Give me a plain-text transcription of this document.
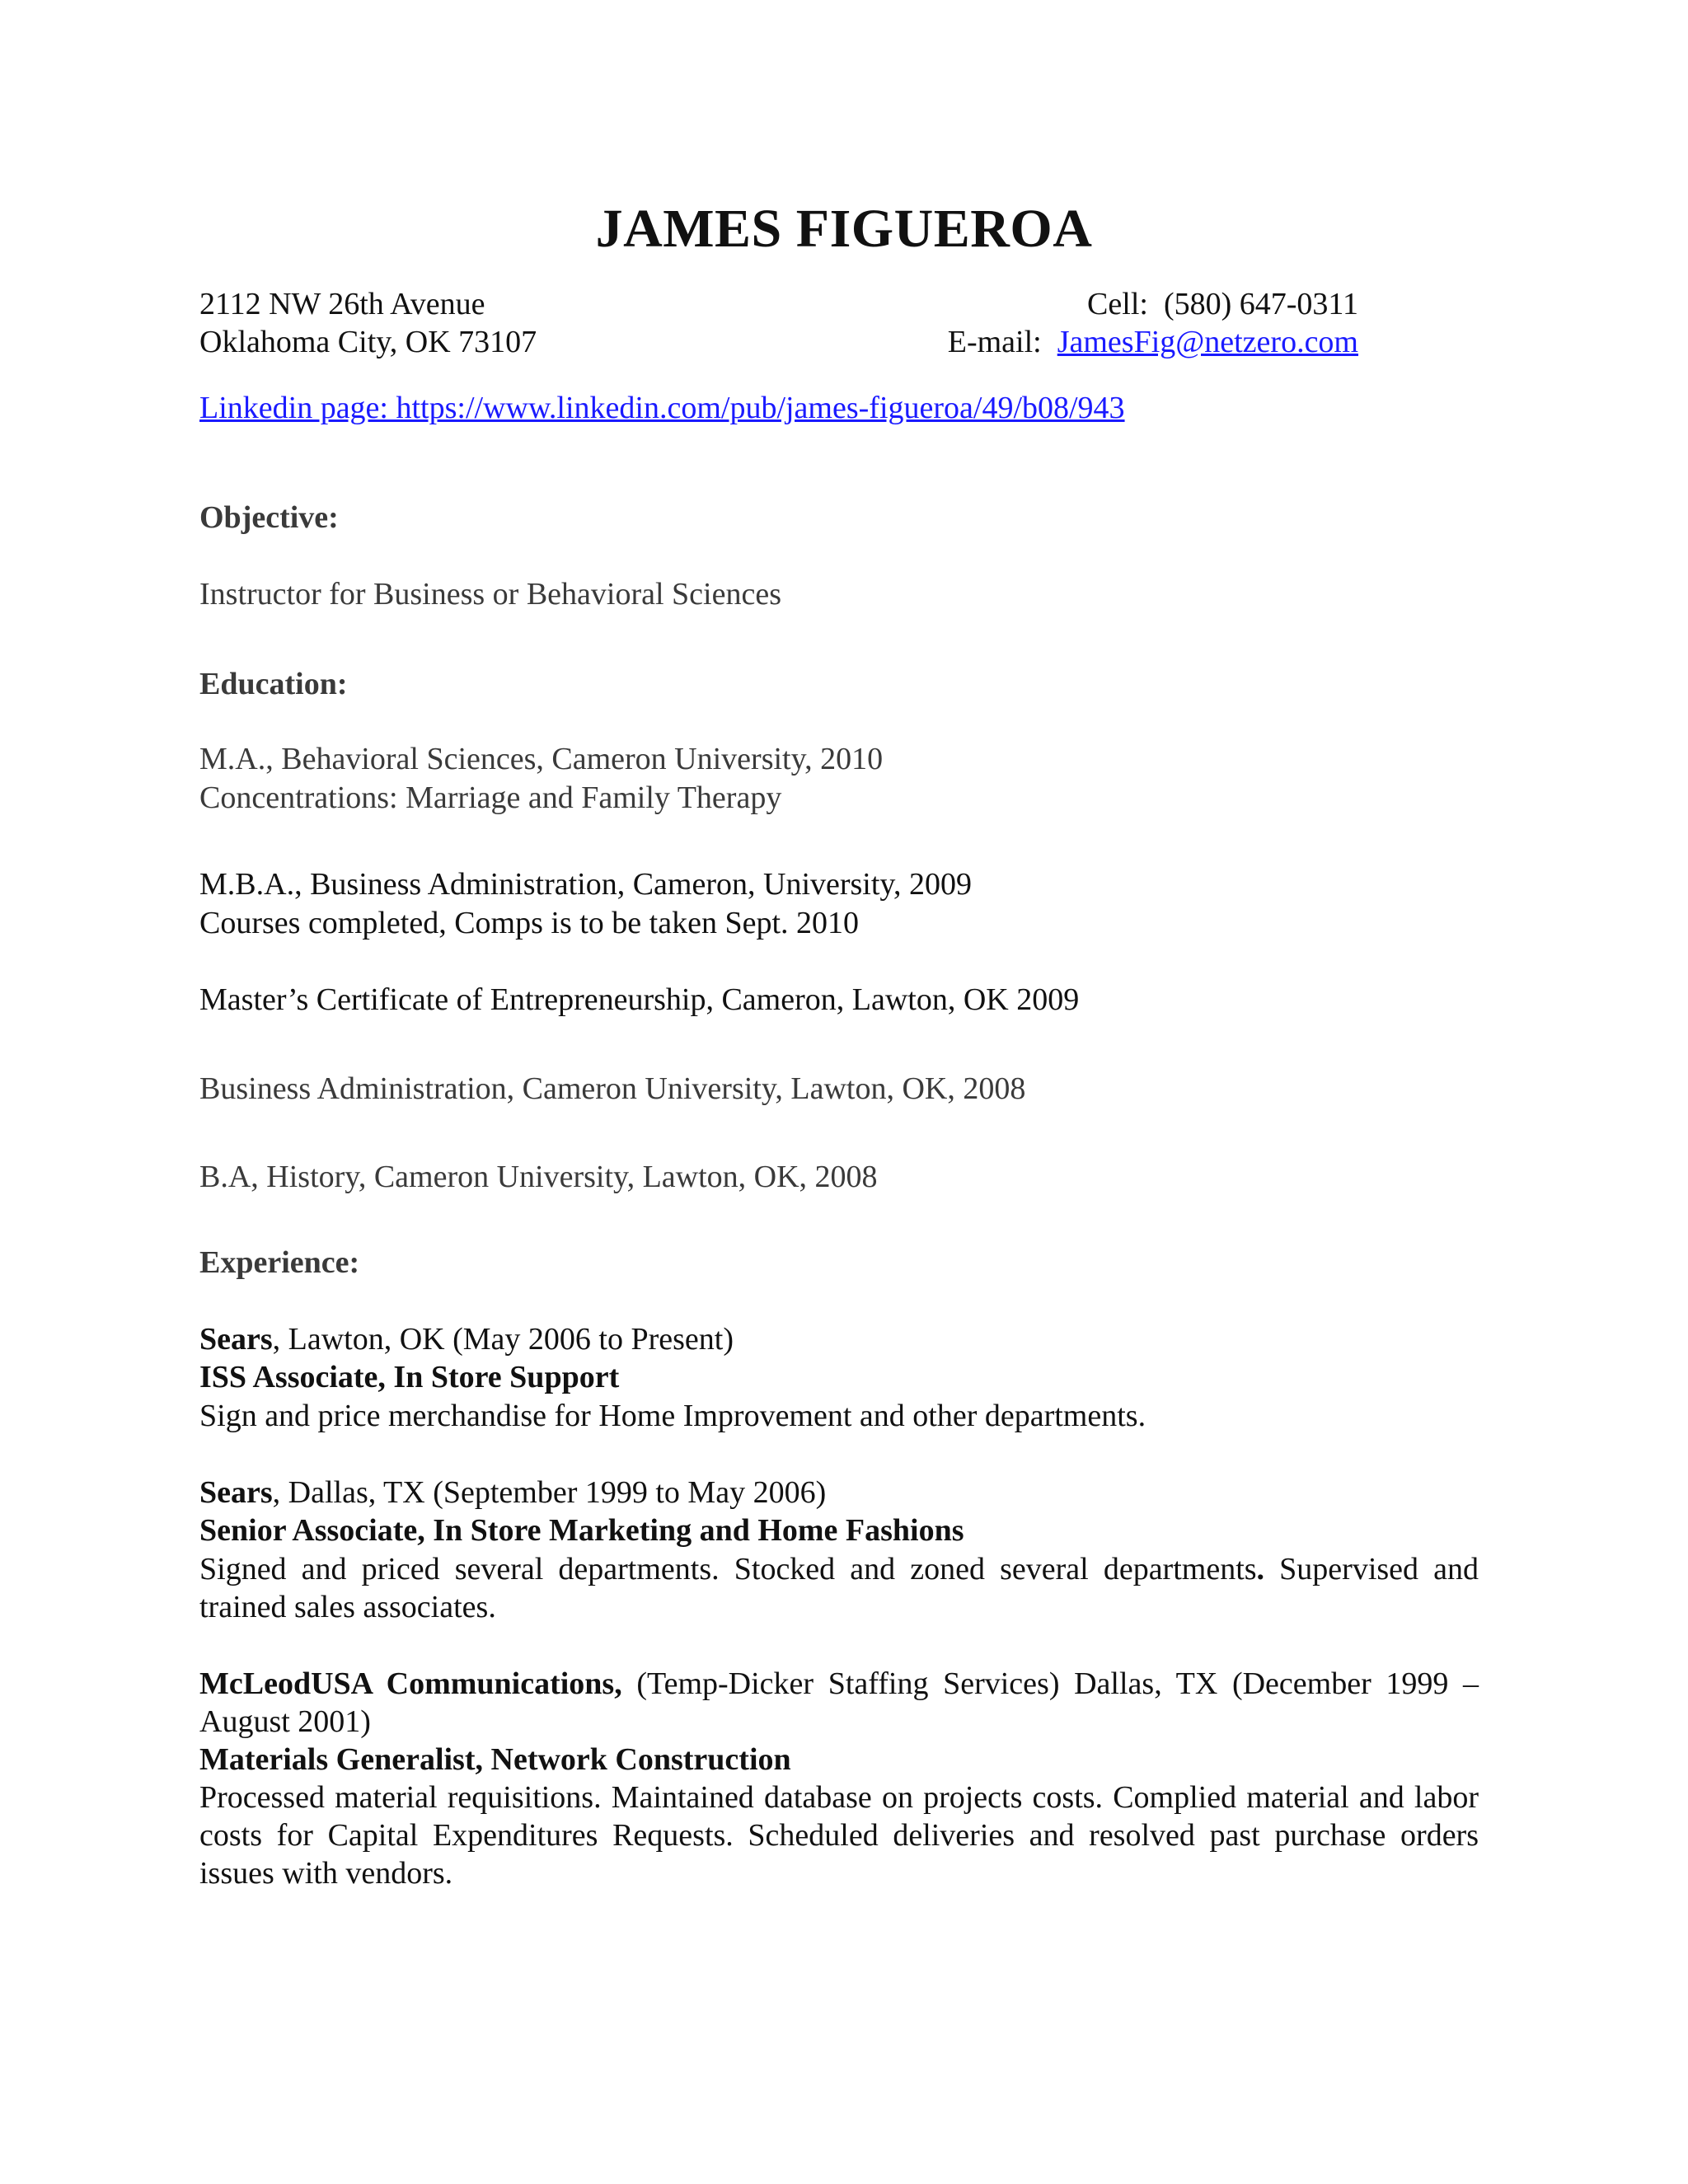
JAMES FIGUEROA
2112 NW 26th Avenue
Oklahoma City, OK 73107
Cell: (580) 647-0311
E-mail: JamesFig@netzero.com
Linkedin page: https://www.linkedin.com/pub/james-figueroa/49/b08/943
Objective:
Instructor for Business or Behavioral Sciences
Education:
M.A., Behavioral Sciences, Cameron University, 2010
Concentrations: Marriage and Family Therapy
M.B.A., Business Administration, Cameron, University, 2009
Courses completed, Comps is to be taken Sept. 2010
Master’s Certificate of Entrepreneurship, Cameron, Lawton, OK 2009
Business Administration, Cameron University, Lawton, OK, 2008
B.A, History, Cameron University, Lawton, OK, 2008
Experience:
Sears, Lawton, OK (May 2006 to Present)
ISS Associate, In Store Support
Sign and price merchandise for Home Improvement and other departments.
Sears, Dallas, TX (September 1999 to May 2006)
Senior Associate, In Store Marketing and Home Fashions
Signed and priced several departments. Stocked and zoned several departments. Supervised and trained sales associates.
McLeodUSA Communications, (Temp-Dicker Staffing Services) Dallas, TX (December 1999 – August 2001)
Materials Generalist, Network Construction
Processed material requisitions. Maintained database on projects costs. Complied material and labor costs for Capital Expenditures Requests. Scheduled deliveries and resolved past purchase orders issues with vendors.
